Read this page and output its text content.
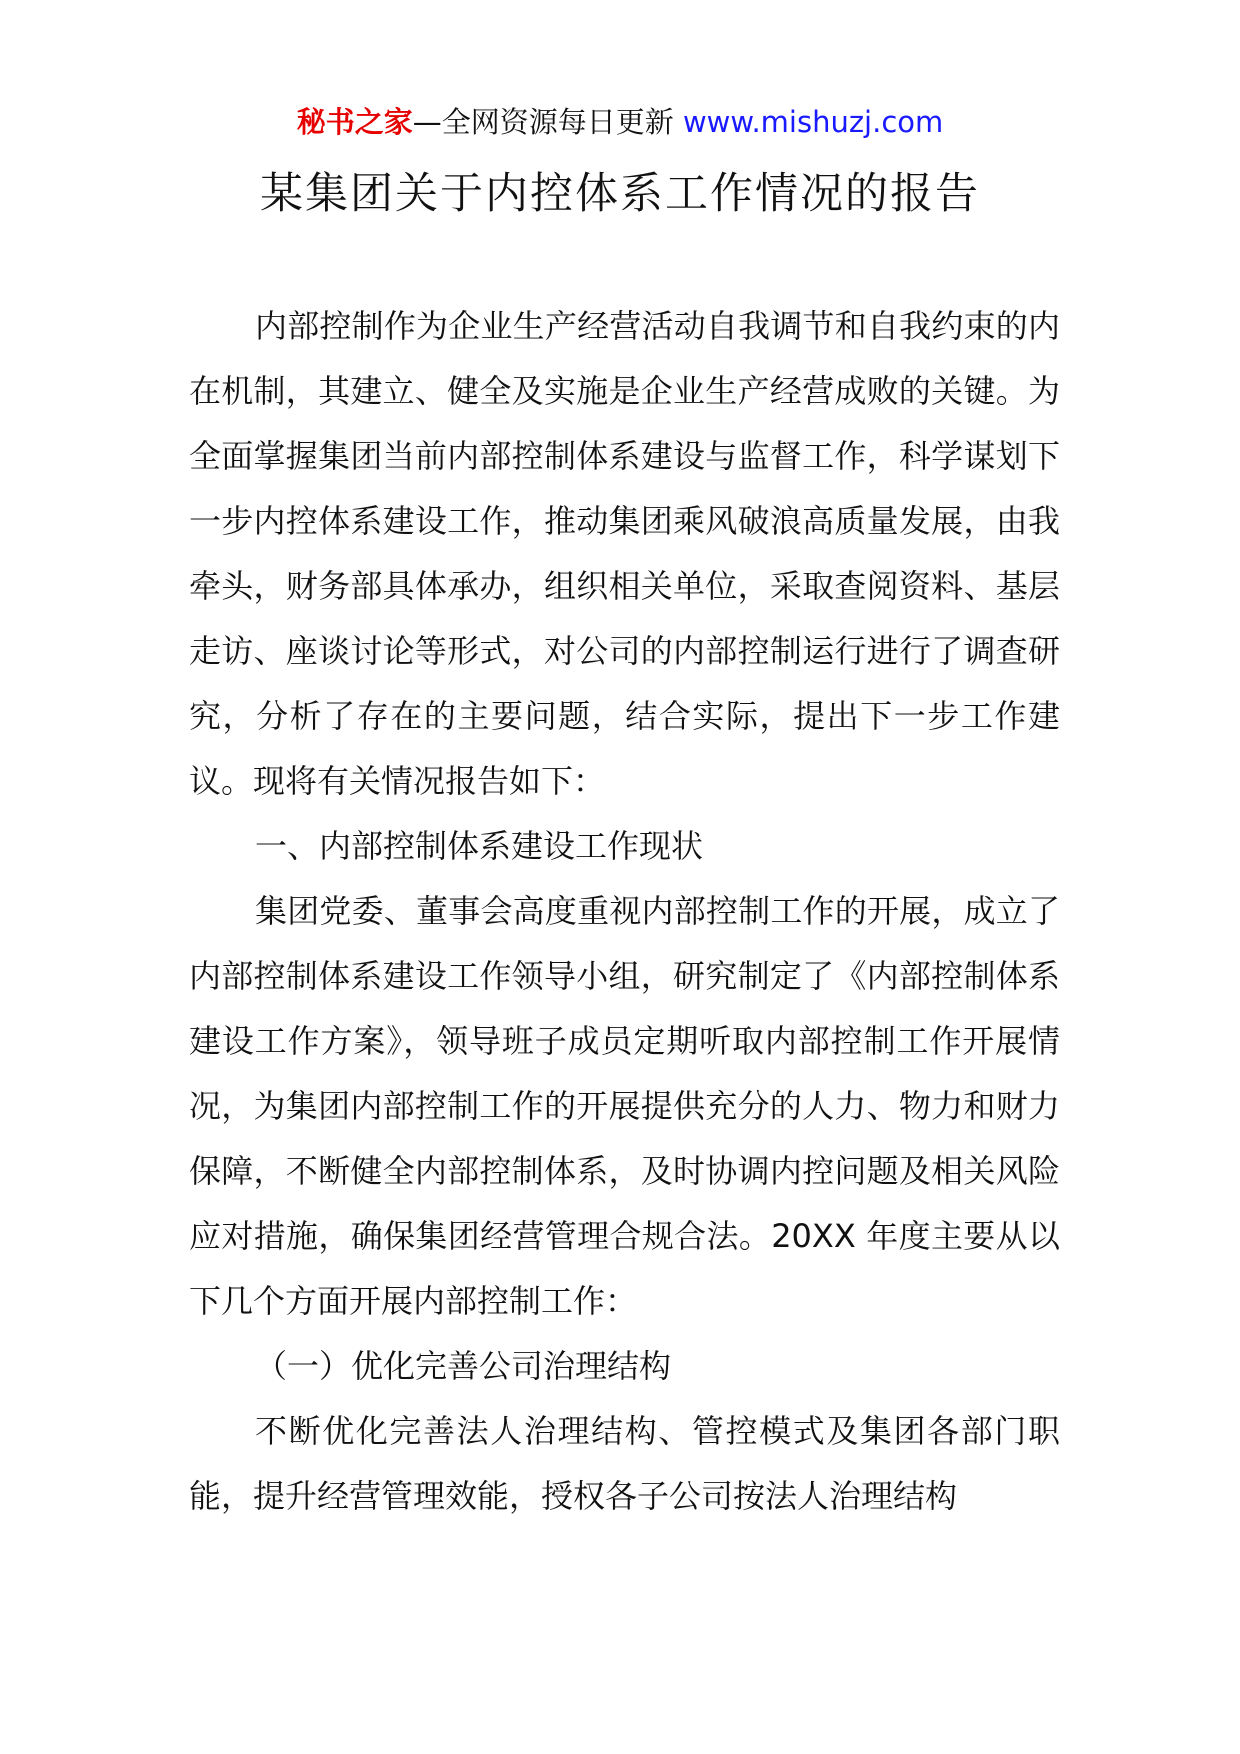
秘书之家—全网资源每日更新 www.mishuzj.com
某集团关于内控体系工作情况的报告

内部控制作为企业生产经营活动自我调节和自我约束的内在机制，其建立、健全及实施是企业生产经营成败的关键。为全面掌握集团当前内部控制体系建设与监督工作，科学谋划下一步内控体系建设工作，推动集团乘风破浪高质量发展，由我牵头，财务部具体承办，组织相关单位，采取查阅资料、基层走访、座谈讨论等形式，对公司的内部控制运行进行了调查研究，分析了存在的主要问题，结合实际，提出下一步工作建议。现将有关情况报告如下：

一、内部控制体系建设工作现状

集团党委、董事会高度重视内部控制工作的开展，成立了内部控制体系建设工作领导小组，研究制定了《内部控制体系建设工作方案》，领导班子成员定期听取内部控制工作开展情况，为集团内部控制工作的开展提供充分的人力、物力和财力保障，不断健全内部控制体系，及时协调内控问题及相关风险应对措施，确保集团经营管理合规合法。20XX 年度主要从以下几个方面开展内部控制工作：

（一）优化完善公司治理结构

不断优化完善法人治理结构、管控模式及集团各部门职能，提升经营管理效能，授权各子公司按法人治理结构
